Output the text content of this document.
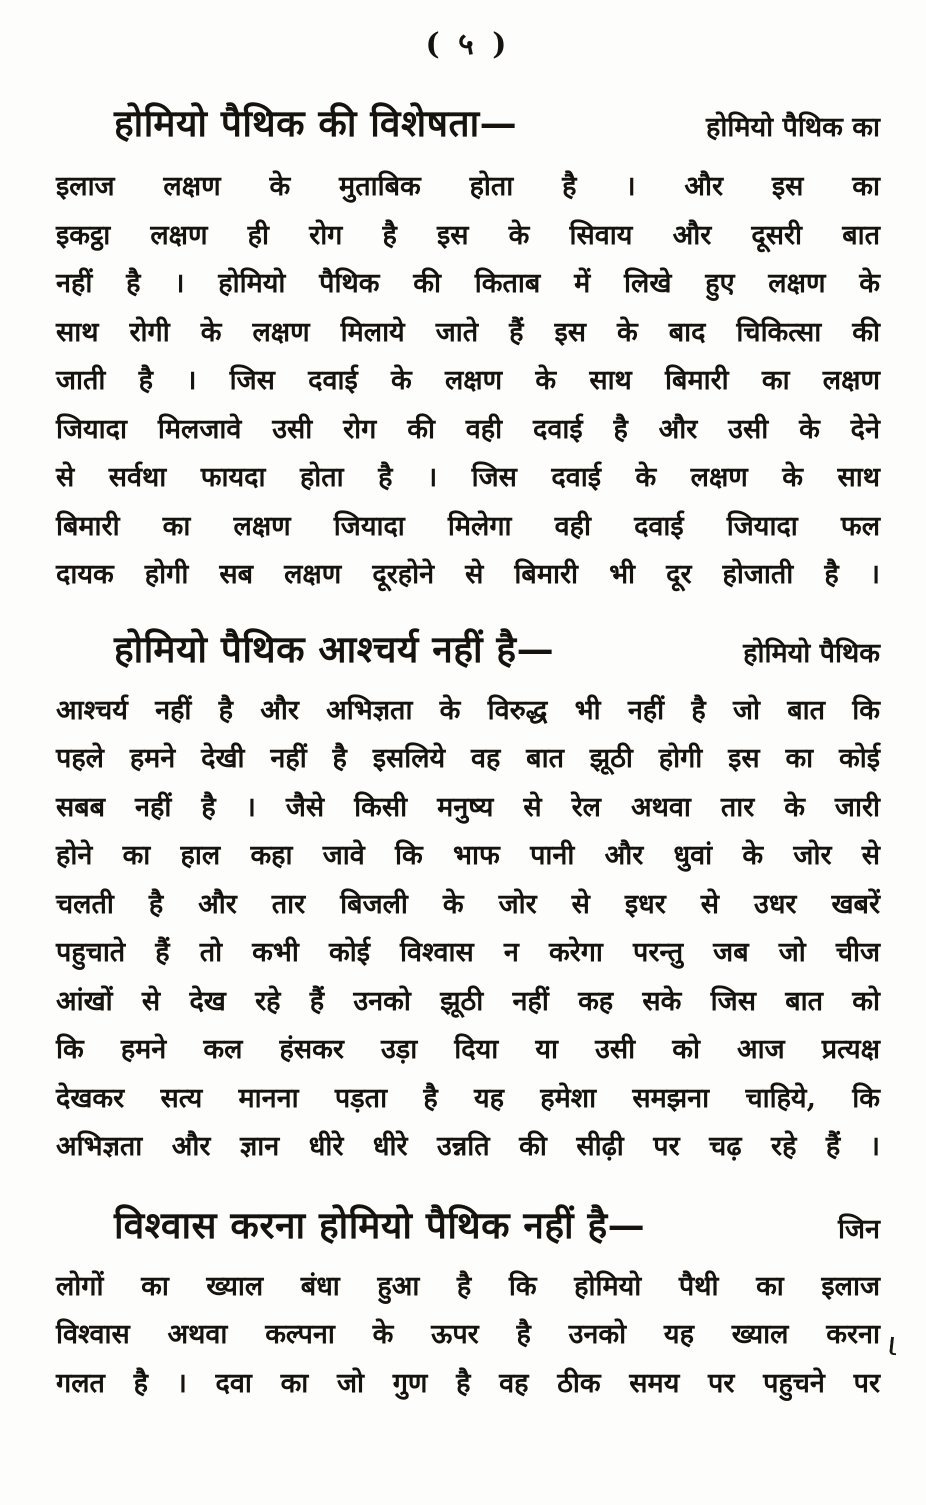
( ५ )
होमियो पैथिक की विशेषता—	होमियो पैथिक का
इलाज लक्षण के मुताबिक होता है । और इस का
इकट्ठा लक्षण ही रोग है इस के सिवाय और दूसरी बात
नहीं है । होमियो पैथिक की किताब में लिखे हुए लक्षण के
साथ रोगी के लक्षण मिलाये जाते हैं इस के बाद चिकित्सा की
जाती है । जिस दवाई के लक्षण के साथ बिमारी का लक्षण
जियादा मिलजावे उसी रोग की वही दवाई है और उसी के देने
से सर्वथा फायदा होता है । जिस दवाई के लक्षण के साथ
बिमारी का लक्षण जियादा मिलेगा वही दवाई जियादा फल
दायक होगी सब लक्षण दूरहोने से बिमारी भी दूर होजाती है ।
होमियो पैथिक आश्चर्य नहीं है—	होमियो पैथिक
आश्चर्य नहीं है और अभिज्ञता के विरुद्ध भी नहीं है जो बात कि
पहले हमने देखी नहीं है इसलिये वह बात झूठी होगी इस का कोई
सबब नहीं है । जैसे किसी मनुष्य से रेल अथवा तार के जारी
होने का हाल कहा जावे कि भाफ पानी और धुवां के जोर से
चलती है और तार बिजली के जोर से इधर से उधर खबरें
पहुचाते हैं तो कभी कोई विश्वास न करेगा परन्तु जब जो चीज
आंखों से देख रहे हैं उनको झूठी नहीं कह सके जिस बात को
कि हमने कल हंसकर उड़ा दिया या उसी को आज प्रत्यक्ष
देखकर सत्य मानना पड़ता है यह हमेशा समझना चाहिये, कि
अभिज्ञता और ज्ञान धीरे धीरे उन्नति की सीढ़ी पर चढ़ रहे हैं ।
विश्वास करना होमियो पैथिक नहीं है—	जिन
लोगों का ख्याल बंधा हुआ है कि होमियो पैथी का इलाज
विश्वास अथवा कल्पना के ऊपर है उनको यह ख्याल करना
गलत है । दवा का जो गुण है वह ठीक समय पर पहुचने पर
